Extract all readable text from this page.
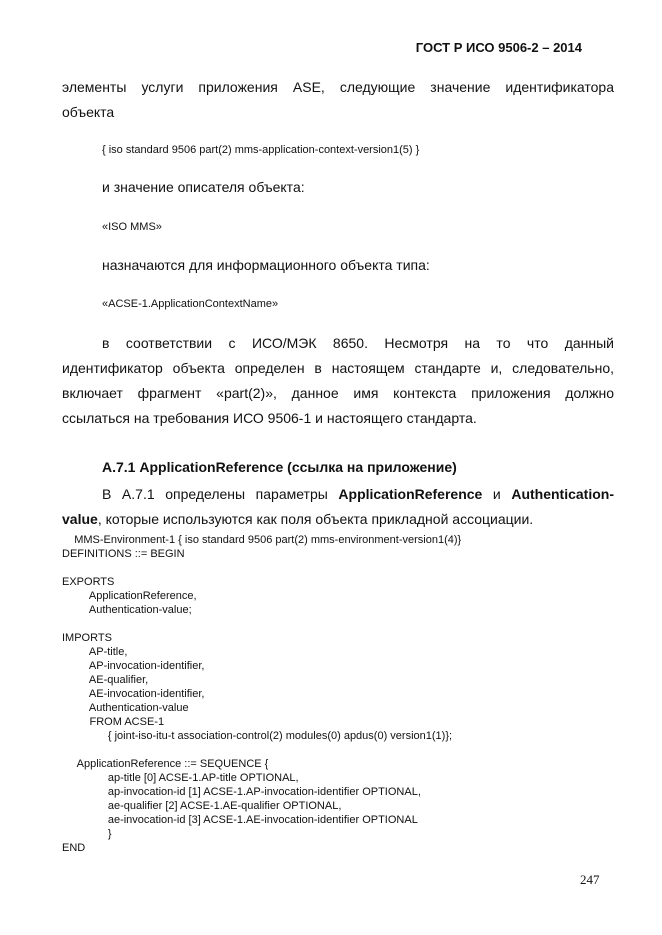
ГОСТ Р ИСО 9506-2 – 2014
элементы услуги приложения ASE, следующие значение идентификатора
объекта
{ iso standard 9506 part(2) mms-application-context-version1(5) }
и значение описателя объекта:
«ISO MMS»
назначаются для информационного объекта типа:
«ACSE-1.ApplicationContextName»
в соответствии с ИСО/МЭК 8650. Несмотря на то что данный
идентификатор объекта определен в настоящем стандарте и, следовательно,
включает фрагмент «part(2)», данное имя контекста приложения должно
ссылаться на требования ИСО 9506-1 и настоящего стандарта.
А.7.1 ApplicationReference (ссылка на приложение)
В А.7.1 определены параметры ApplicationReference и Authentication-
value, которые используются как поля объекта прикладной ассоциации.
MMS-Environment-1 { iso standard 9506 part(2) mms-environment-version1(4)}
DEFINITIONS ::= BEGIN

EXPORTS
ApplicationReference,
Authentication-value;

IMPORTS
AP-title,
AP-invocation-identifier,
AE-qualifier,
AE-invocation-identifier,
Authentication-value
FROM ACSE-1
{ joint-iso-itu-t association-control(2) modules(0) apdus(0) version1(1)};

ApplicationReference ::= SEQUENCE {
ap-title [0] ACSE-1.AP-title OPTIONAL,
ap-invocation-id [1] ACSE-1.AP-invocation-identifier OPTIONAL,
ae-qualifier [2] ACSE-1.AE-qualifier OPTIONAL,
ae-invocation-id [3] ACSE-1.AE-invocation-identifier OPTIONAL
}
END
247
